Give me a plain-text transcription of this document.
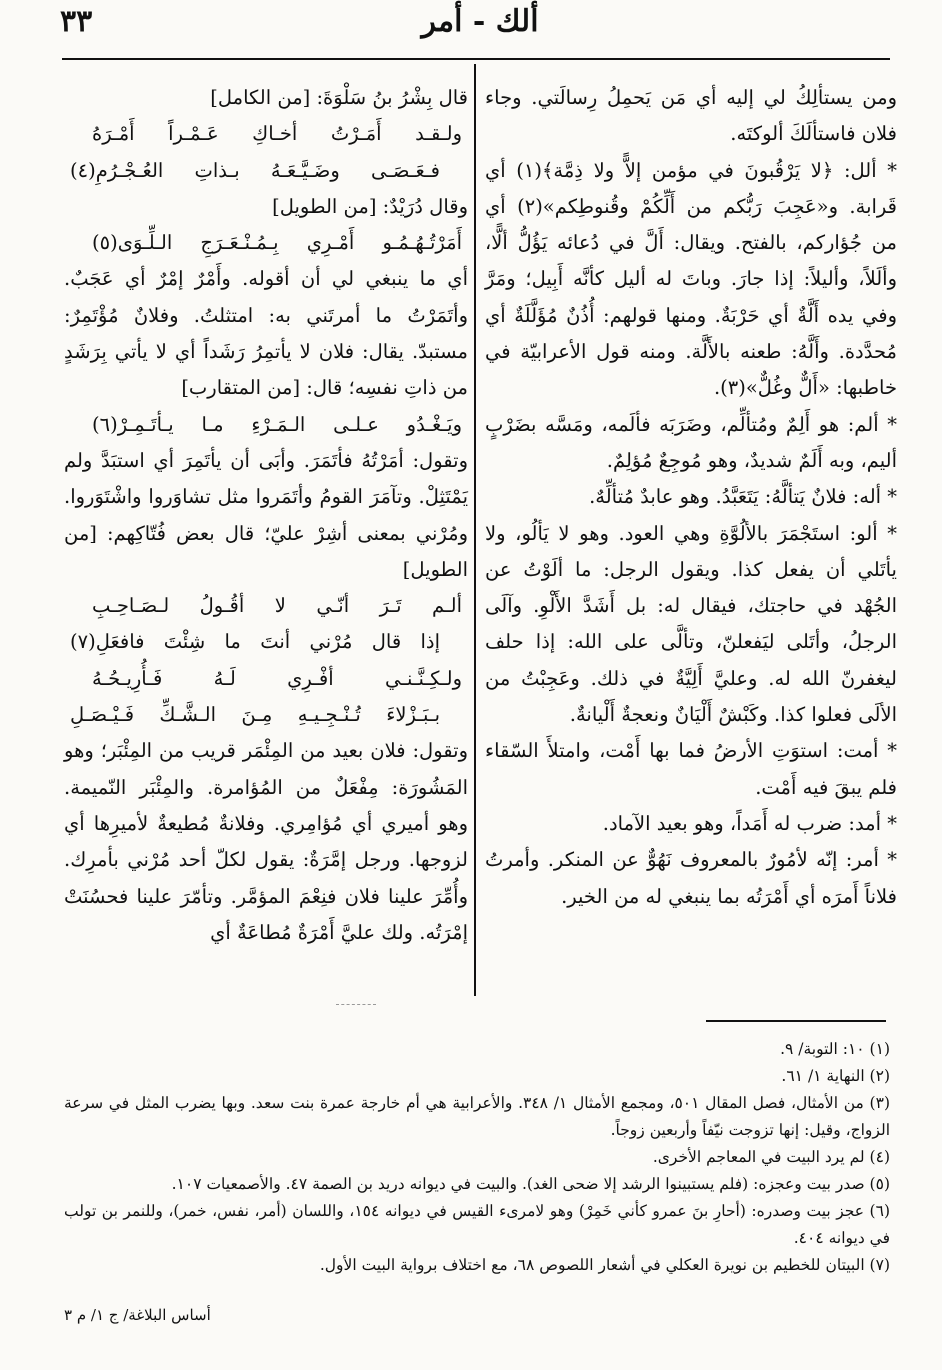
٣٣	ألك - أمر

ومن يستألِكُ لي إليه أي مَن يَحمِلُ رِسالَتي. وجاء فلان فاستألَكَ ألوكتَه.

* ألل: ﴿لا يَرْقُبونَ في مؤمن إلاًّ ولا ذِمَّة﴾(١) أي قَرابة. و«عَجِبَ رَبُّكم من أَلِّكُمْ وقُنوطِكم»(٢) أي من جُؤاركم، بالفتح. ويقال: أَلَّ في دُعائه يَؤُلُّ ألًّا، وألَلاً، وأليلاً: إذا جارَ. وباتَ له أليل كأنَّه أَبِيل؛ ومَرَّ وفي يده أَلَّةٌ أي حَرْبَةٌ. ومنها قولهم: أُذُنٌ مُؤَلَّلَةٌ أي مُحدَّدة. وأَلَّهُ: طعنه بالأَلَّة. ومنه قول الأعرابيّة في خاطبها: «أَلٌّ وغُلٌّ»(٣).

* ألم: هو أَلِمٌ ومُتألِّم، وضَرَبَه فألَمه، ومَسَّه بضَرْبٍ أليم، وبه أَلَمٌ شديدٌ، وهو مُوجِعٌ مُؤلِمٌ.

* أله: فلانٌ يَتألَّهُ: يَتَعَبَّدُ. وهو عابدٌ مُتألِّهٌ.

* ألو: استَجْمَرَ بالألُوَّةِ وهي العود. وهو لا يَألُو، ولا يأتَلي أن يفعل كذا. ويقول الرجل: ما ألَوْتُ عن الجُهْد في حاجتك، فيقال له: بل أَشَدَّ الأَلْوِ. وآلَى الرجلُ، وأتَلى ليَفعلنّ، وتألَّى على الله: إذا حلف ليغفرنّ الله له. وعليَّ أَلِيَّةٌ في ذلك. وعَجِبْتُ من الألَى فعلوا كذا. وكَبْشٌ أَلْيَانٌ ونعجةٌ أَلْيانةٌ.

* أمت: استوَتِ الأرضُ فما بها أَمْت، وامتلأَ السّقاء فلم يبقَ فيه أَمْت.

* أمد: ضرب له أَمَداً، وهو بعيد الآماد.

* أمر: إنّه لأمُورٌ بالمعروف نَهُوٌّ عن المنكر. وأمرتُ فلاناً أَمرَه أي أَمْرَتُه بما ينبغي له من الخير.

قال بِشْرُ بنُ سَلْوَةَ: [من الكامل]

ولـقـد أَمَـرْتُ أخـاكِ عَـمْـراً أَمْـرَهُ

فـعَـصَـى وضَـيَّـعَـهُ بـذاتِ العُـجْـرُمِ(٤)

وقال دُرَيْدٌ: [من الطويل]

أَمَرْتُـهُـمُـو أَمْـرِي بِـمُـنْـعَـرَجِ الـلِّـوَى(٥)

أي ما ينبغي لي أن أقوله. وأَمْرٌ إمْرٌ أي عَجَبٌ. وأتَمَرْتُ ما أمرتَني به: امتثلتُ. وفلانٌ مُؤْتَمِرٌ: مستبدّ. يقال: فلان لا يأتمِرُ رَشَداً أي لا يأتي بِرَشَدٍ من ذاتِ نفسِه؛ قال: [من المتقارب]

ويَـغْـدُو عـلـى الـمَـرْءِ مـا يـأتَـمِـرْ(٦)

وتقول: أمَرْتُهُ فأتَمَرَ. وأبَى أن يأتَمِرَ أي استبَدَّ ولم يَمْتَثِلْ. وتآمَرَ القومُ وأتَمَروا مثل تشاوَروا واشْتَوَروا. ومُرْني بمعنى أشِرْ عليّ؛ قال بعض فُتّاكِهم: [من الطويل]

ألـم تَـرَ أنّـي لا أقُـولُ لـصَـاحِـبِ

إذا قال مُرْني أنتَ ما شِئْتَ فافعَلِ(٧)

ولـكِـنَّـنـي أفْـرِي لَـهُ فَـأُرِيـحُـهُ

بـبَـزْلاءَ تُـنْـجِـيـهِ مِـنَ الـشَّـكِّ فَـيْـصَـلِ

وتقول: فلان بعيد من المِئْمَر قريب من المِئْبَر؛ وهو المَشُورَة: مِفْعَلٌ من المُؤامرة. والمِئْبَر النّميمة. وهو أميري أي مُؤامِري. وفلانةٌ مُطيعةٌ لأميرِها أي لزوجها. ورجل إمَّرَةٌ: يقول لكلّ أحد مُرْني بأمرِك. وأُمِّرَ علينا فلان فنِعْمَ المؤمَّر. وتأمّرَ علينا فحسُنَتْ إمْرَتُه. ولك عليَّ أَمْرَةٌ مُطاعَةٌ أي

(١) ١٠: التوبة/ ٩.

(٢) النهاية ١/ ٦١.

(٣) من الأمثال، فصل المقال ٥٠١، ومجمع الأمثال ١/ ٣٤٨. والأعرابية هي أم خارجة عمرة بنت سعد. وبها يضرب المثل في سرعة الزواج، وقيل: إنها تزوجت نيّفاً وأربعين زوجاً.

(٤) لم يرد البيت في المعاجم الأخرى.

(٥) صدر بيت وعجزه: (فلم يستبينوا الرشد إلا ضحى الغد). والبيت في ديوانه دريد بن الصمة ٤٧. والأصمعيات ١٠٧.

(٦) عجز بيت وصدره: (أحارِ بنَ عمرو كأني خَمِرْ) وهو لامرىء القيس في ديوانه ١٥٤، واللسان (أمر، نفس، خمر)، وللنمر بن تولب في ديوانه ٤٠٤.

(٧) البيتان للخطيم بن نويرة العكلي في أشعار اللصوص ٦٨، مع اختلاف برواية البيت الأول.

أساس البلاغة/ ج ١/ م ٣
